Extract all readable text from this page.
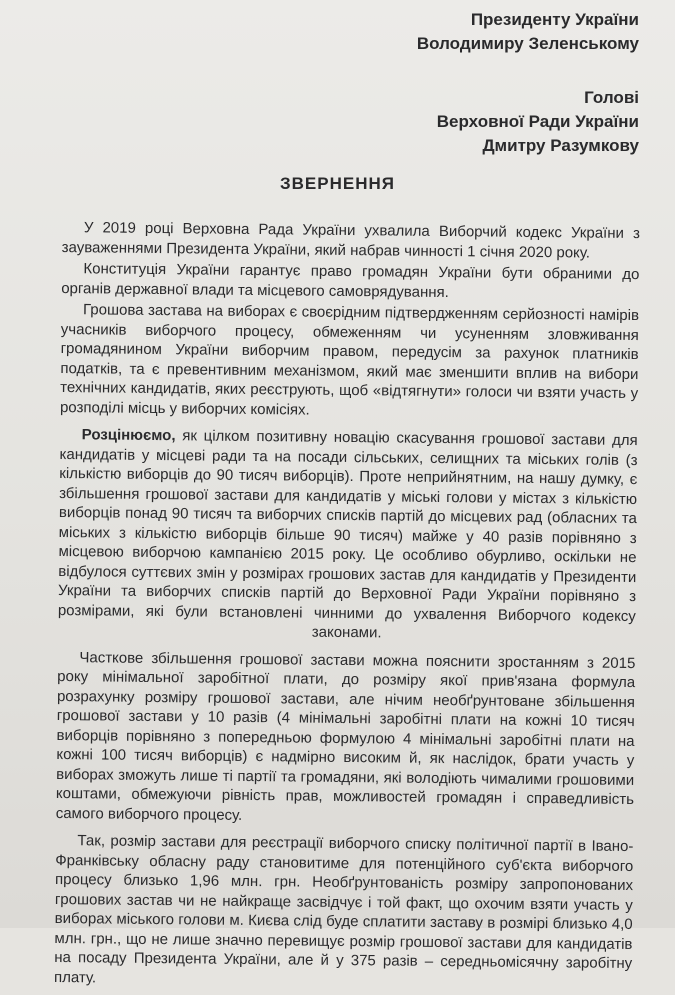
Президенту України
Володимиру Зеленському
Голові
Верховної Ради України
Дмитру Разумкову
ЗВЕРНЕННЯ

У 2019 році Верховна Рада України ухвалила Виборчий кодекс України з зауваженнями Президента України, який набрав чинності 1 січня 2020 року.

Конституція України гарантує право громадян України бути обраними до органів державної влади та місцевого самоврядування.

Грошова застава на виборах є своєрідним підтвердженням серйозності намірів учасників виборчого процесу, обмеженням чи усуненням зловживання громадянином України виборчим правом, передусім за рахунок платників податків, та є превентивним механізмом, який має зменшити вплив на вибори технічних кандидатів, яких реєструють, щоб «відтягнути» голоси чи взяти участь у розподілі місць у виборчих комісіях.

Розцінюємо, як цілком позитивну новацію скасування грошової застави для кандидатів у місцеві ради та на посади сільських, селищних та міських голів (з кількістю виборців до 90 тисяч виборців). Проте неприйнятним, на нашу думку, є збільшення грошової застави для кандидатів у міські голови у містах з кількістю виборців понад 90 тисяч та виборчих списків партій до місцевих рад (обласних та міських з кількістю виборців більше 90 тисяч) майже у 40 разів порівняно з місцевою виборчою кампанією 2015 року. Це особливо обурливо, оскільки не відбулося суттєвих змін у розмірах грошових застав для кандидатів у Президенти України та виборчих списків партій до Верховної Ради України порівняно з розмірами, які були встановлені чинними до ухвалення Виборчого кодексу законами.

Часткове збільшення грошової застави можна пояснити зростанням з 2015 року мінімальної заробітної плати, до розміру якої прив'язана формула розрахунку розміру грошової застави, але нічим необґрунтоване збільшення грошової застави у 10 разів (4 мінімальні заробітні плати на кожні 10 тисяч виборців порівняно з попередньою формулою 4 мінімальні заробітні плати на кожні 100 тисяч виборців) є надмірно високим й, як наслідок, брати участь у виборах зможуть лише ті партії та громадяни, які володіють чималими грошовими коштами, обмежуючи рівність прав, можливостей громадян і справедливість самого виборчого процесу.

Так, розмір застави для реєстрації виборчого списку політичної партії в Івано-Франківську обласну раду становитиме для потенційного суб'єкта виборчого процесу близько 1,96 млн. грн. Необґрунтованість розміру запропонованих грошових застав чи не найкраще засвідчує і той факт, що охочим взяти участь у виборах міського голови м. Києва слід буде сплатити заставу в розмірі близько 4,0 млн. грн., що не лише значно перевищує розмір грошової застави для кандидатів на посаду Президента України, але й у 375 разів – середньомісячну заробітну плату.
